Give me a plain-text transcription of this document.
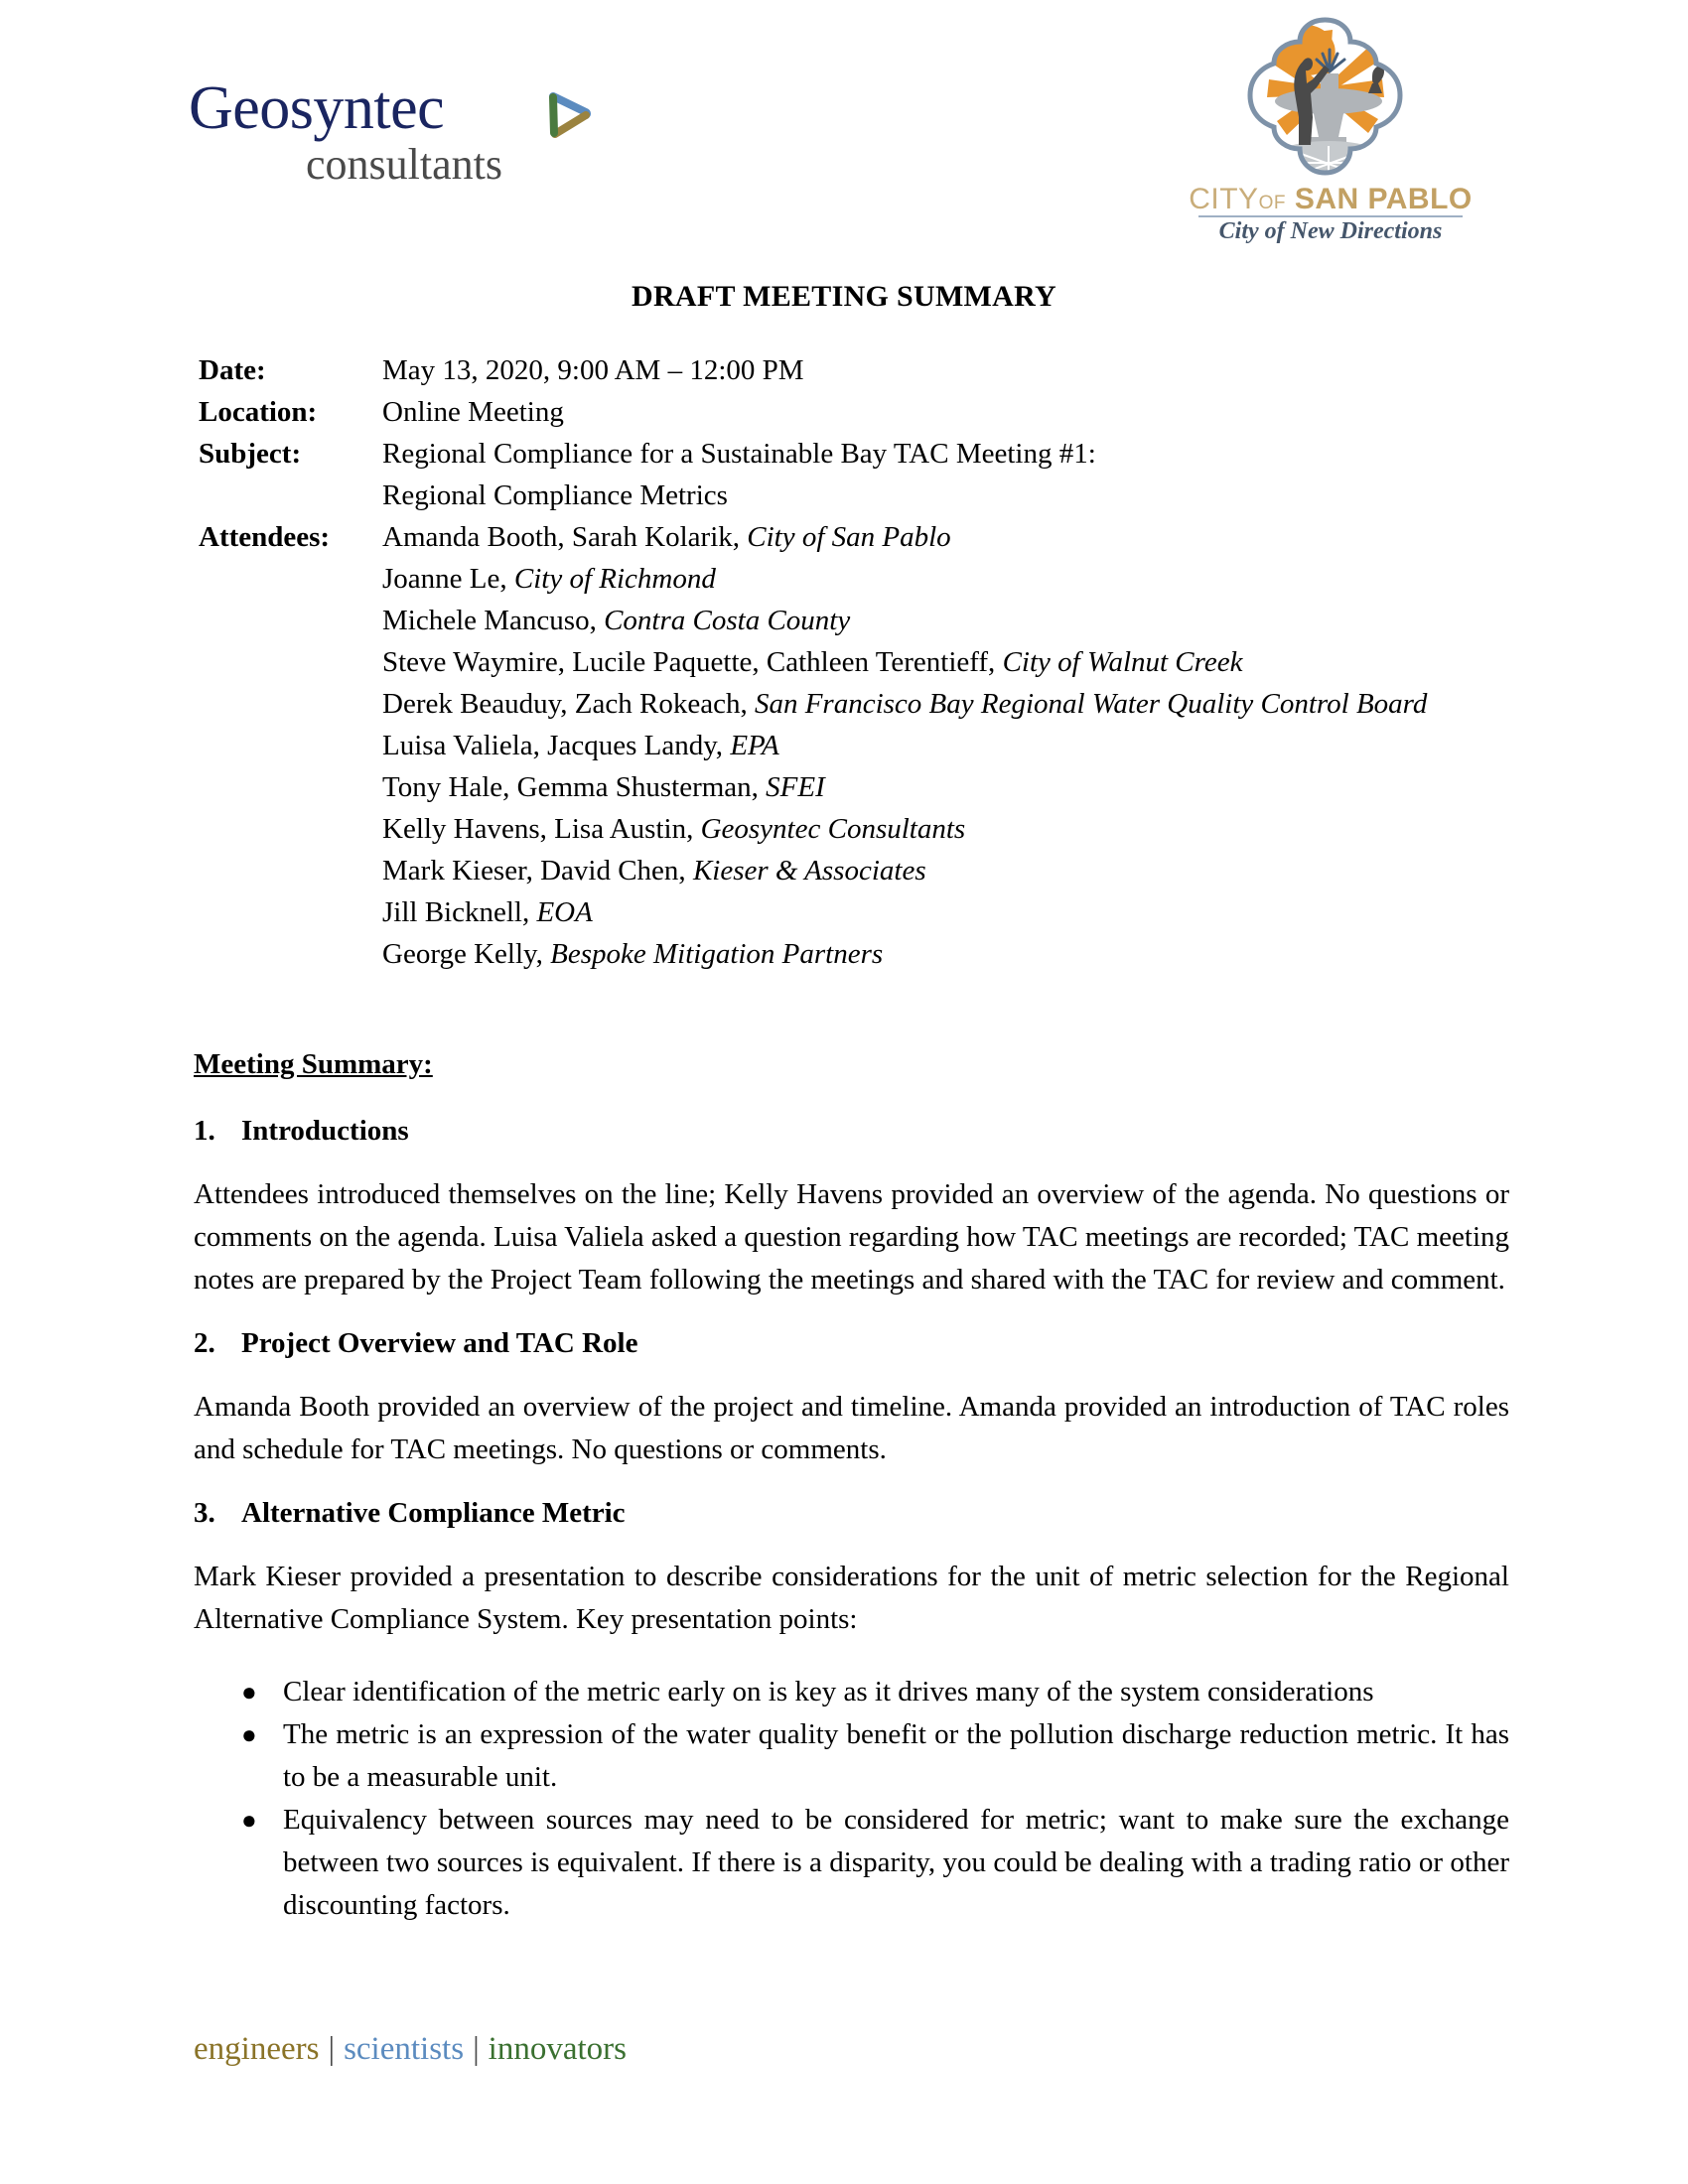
Geosyntec
consultants
CITYOF SAN PABLO
City of New Directions
DRAFT MEETING SUMMARY
Date:	May 13, 2020, 9:00 AM – 12:00 PM
Location:	Online Meeting
Subject:	Regional Compliance for a Sustainable Bay TAC Meeting #1:
Regional Compliance Metrics
Attendees:	Amanda Booth, Sarah Kolarik, City of San Pablo
Joanne Le, City of Richmond
Michele Mancuso, Contra Costa County
Steve Waymire, Lucile Paquette, Cathleen Terentieff, City of Walnut Creek
Derek Beauduy, Zach Rokeach, San Francisco Bay Regional Water Quality Control Board
Luisa Valiela, Jacques Landy, EPA
Tony Hale, Gemma Shusterman, SFEI
Kelly Havens, Lisa Austin, Geosyntec Consultants
Mark Kieser, David Chen, Kieser & Associates
Jill Bicknell, EOA
George Kelly, Bespoke Mitigation Partners
Meeting Summary:
1. Introductions

Attendees introduced themselves on the line; Kelly Havens provided an overview of the agenda. No questions or comments on the agenda. Luisa Valiela asked a question regarding how TAC meetings are recorded; TAC meeting notes are prepared by the Project Team following the meetings and shared with the TAC for review and comment.

2. Project Overview and TAC Role

Amanda Booth provided an overview of the project and timeline. Amanda provided an introduction of TAC roles and schedule for TAC meetings. No questions or comments.

3. Alternative Compliance Metric

Mark Kieser provided a presentation to describe considerations for the unit of metric selection for the Regional Alternative Compliance System. Key presentation points:

● Clear identification of the metric early on is key as it drives many of the system considerations
● The metric is an expression of the water quality benefit or the pollution discharge reduction metric. It has to be a measurable unit.
● Equivalency between sources may need to be considered for metric; want to make sure the exchange between two sources is equivalent. If there is a disparity, you could be dealing with a trading ratio or other discounting factors.
engineers | scientists | innovators
